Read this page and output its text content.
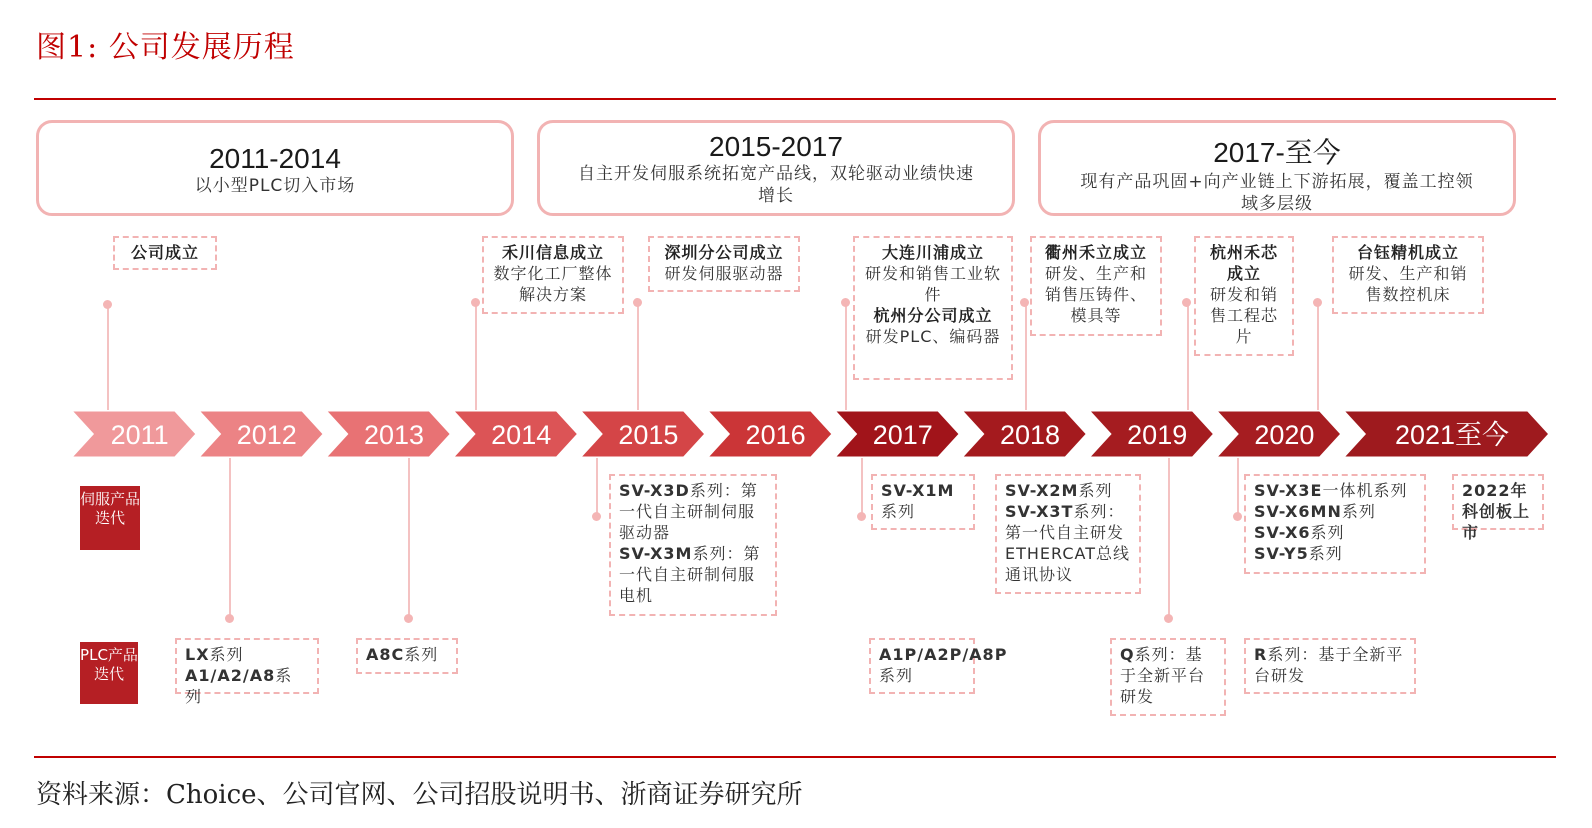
图1: 公司发展历程
2011-2014
以小型PLC切入市场
2015-2017
自主开发伺服系统拓宽产品线，双轮驱动业绩快速增长
2017-至今
现有产品巩固+向产业链上下游拓展，覆盖工控领域多层级
公司成立	禾川信息成立
数字化工厂整体解决方案
深圳分公司成立
研发伺服驱动器
大连川浦成立
研发和销售工业软件
杭州分公司成立
研发PLC、编码器
衢州禾立成立
研发、生产和销售压铸件、模具等
杭州禾芯成立
研发和销售工程芯片
台钰精机成立
研发、生产和销售数控机床
2011	2012 2013 2014 2015 2016 2017 2018 2019 2020	2021至今
伺服产品迭代
PLC产品迭代
SV-X3D系列：第一代自主研制伺服驱动器
SV-X3M系列：第一代自主研制伺服电机
SV-X1M系列
SV-X2M系列
SV-X3T系列：第一代自主研发ETHERCAT总线通讯协议
SV-X3E一体机系列
SV-X6MN系列
SV-X6系列
SV-Y5系列
2022年科创板上市
LX系列
A1/A2/A8系列
A8C系列	A1P/A2P/A8P系列
Q系列：基于全新平台研发
R系列：基于全新平台研发
资料来源：Choice、公司官网、公司招股说明书、浙商证券研究所
